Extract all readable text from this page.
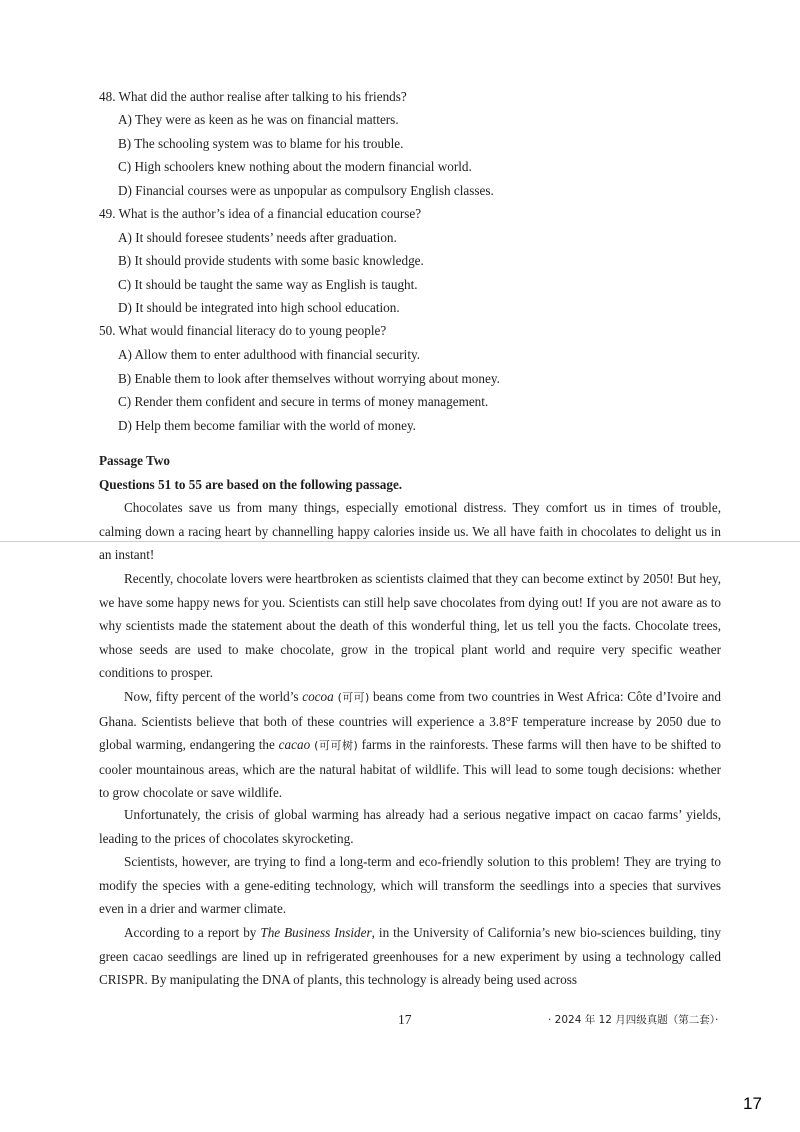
48. What did the author realise after talking to his friends?
A) They were as keen as he was on financial matters.
B) The schooling system was to blame for his trouble.
C) High schoolers knew nothing about the modern financial world.
D) Financial courses were as unpopular as compulsory English classes.
49. What is the author’s idea of a financial education course?
A) It should foresee students’ needs after graduation.
B) It should provide students with some basic knowledge.
C) It should be taught the same way as English is taught.
D) It should be integrated into high school education.
50. What would financial literacy do to young people?
A) Allow them to enter adulthood with financial security.
B) Enable them to look after themselves without worrying about money.
C) Render them confident and secure in terms of money management.
D) Help them become familiar with the world of money.
Passage Two
Questions 51 to 55 are based on the following passage.

Chocolates save us from many things, especially emotional distress. They comfort us in times of trouble, calming down a racing heart by channelling happy calories inside us. We all have faith in chocolates to delight us in an instant!

Recently, chocolate lovers were heartbroken as scientists claimed that they can become extinct by 2050! But hey, we have some happy news for you. Scientists can still help save chocolates from dying out! If you are not aware as to why scientists made the statement about the death of this wonderful thing, let us tell you the facts. Chocolate trees, whose seeds are used to make chocolate, grow in the tropical plant world and require very specific weather conditions to prosper.

Now, fifty percent of the world’s cocoa (可可) beans come from two countries in West Africa: Côte d’Ivoire and Ghana. Scientists believe that both of these countries will experience a 3.8°F temperature increase by 2050 due to global warming, endangering the cacao (可可树) farms in the rainforests. These farms will then have to be shifted to cooler mountainous areas, which are the natural habitat of wildlife. This will lead to some tough decisions: whether to grow chocolate or save wildlife.

Unfortunately, the crisis of global warming has already had a serious negative impact on cacao farms’ yields, leading to the prices of chocolates skyrocketing.

Scientists, however, are trying to find a long-term and eco-friendly solution to this problem! They are trying to modify the species with a gene-editing technology, which will transform the seedlings into a species that survives even in a drier and warmer climate.

According to a report by The Business Insider, in the University of California’s new bio-sciences building, tiny green cacao seedlings are lined up in refrigerated greenhouses for a new experiment by using a technology called CRISPR. By manipulating the DNA of plants, this technology is already being used across

17	· 2024 年 12 月四级真题（第二套）·
17
